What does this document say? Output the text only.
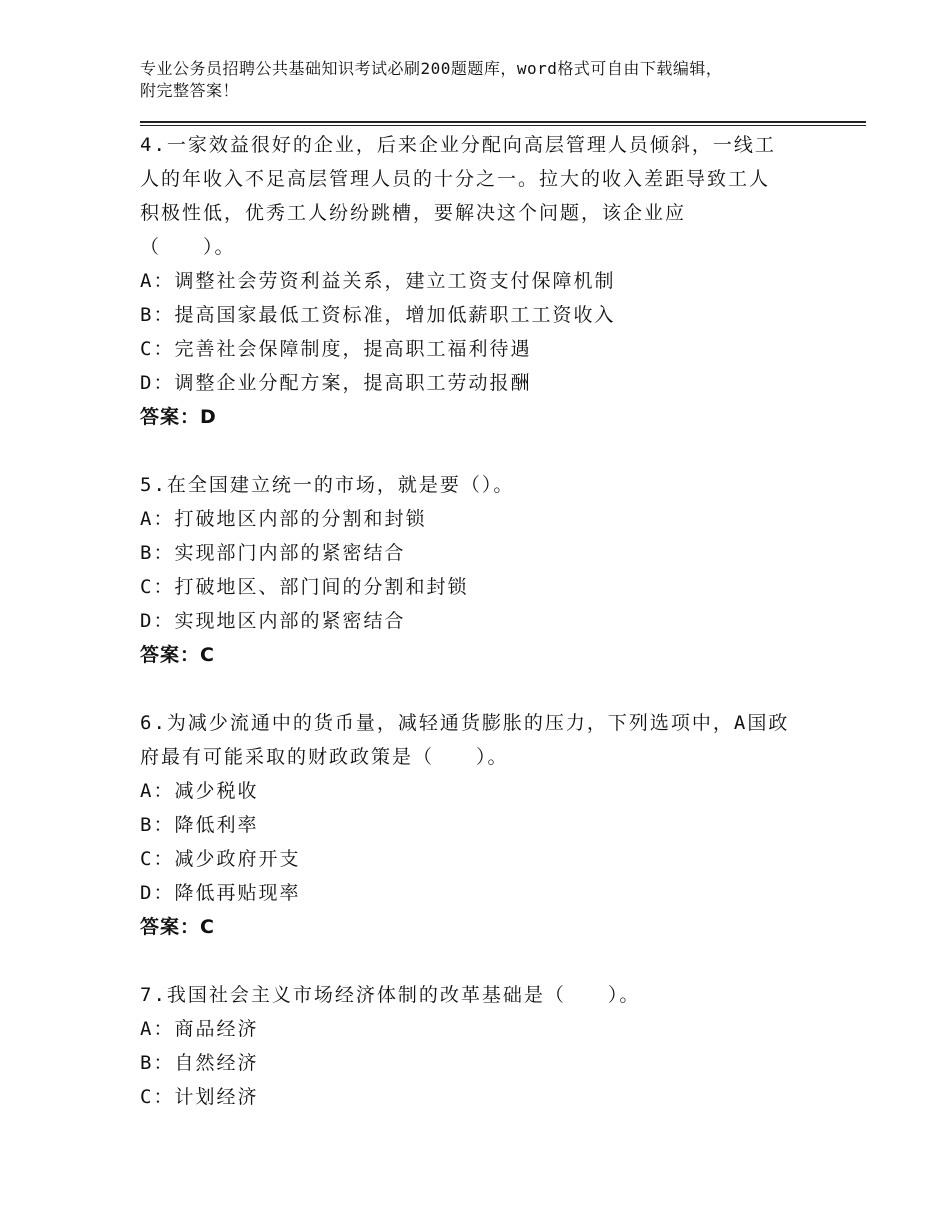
专业公务员招聘公共基础知识考试必刷200题题库，word格式可自由下载编辑，
附完整答案！
4.一家效益很好的企业，后来企业分配向高层管理人员倾斜，一线工
人的年收入不足高层管理人员的十分之一。拉大的收入差距导致工人
积极性低，优秀工人纷纷跳槽，要解决这个问题，该企业应
（　　）。
A：调整社会劳资利益关系，建立工资支付保障机制
B：提高国家最低工资标准，增加低薪职工工资收入
C：完善社会保障制度，提高职工福利待遇
D：调整企业分配方案，提高职工劳动报酬
答案：D
5.在全国建立统一的市场，就是要（）。
A：打破地区内部的分割和封锁
B：实现部门内部的紧密结合
C：打破地区、部门间的分割和封锁
D：实现地区内部的紧密结合
答案：C
6.为减少流通中的货币量，减轻通货膨胀的压力，下列选项中，A国政
府最有可能采取的财政政策是（　　）。
A：减少税收
B：降低利率
C：减少政府开支
D：降低再贴现率
答案：C
7.我国社会主义市场经济体制的改革基础是（　　）。
A：商品经济
B：自然经济
C：计划经济
